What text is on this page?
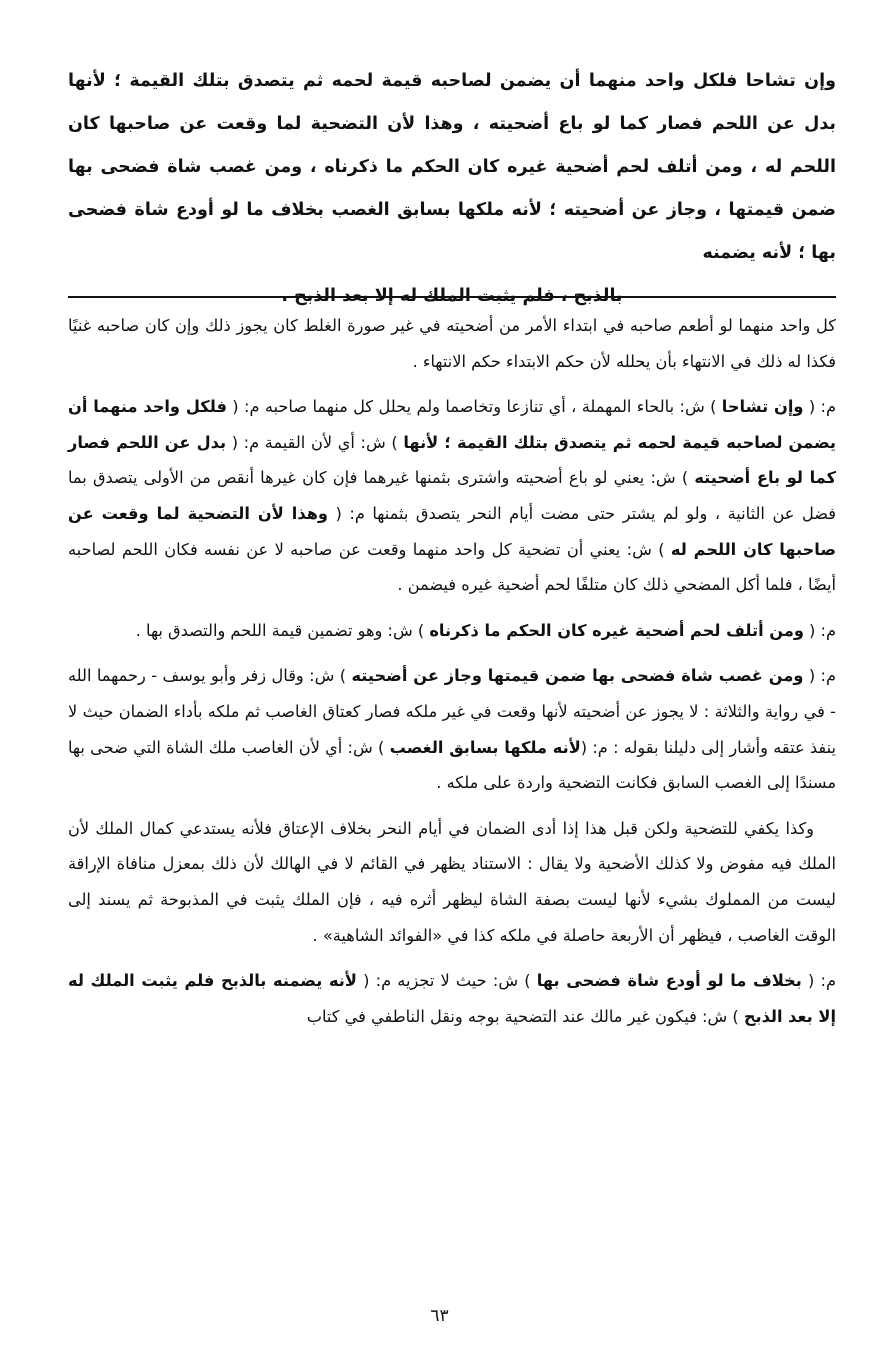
وإن تشاحا فلكل واحد منهما أن يضمن لصاحبه قيمة لحمه ثم يتصدق بتلك القيمة ؛ لأنها بدل عن اللحم فصار كما لو باع أضحيته ، وهذا لأن التضحية لما وقعت عن صاحبها كان اللحم له ، ومن أتلف لحم أضحية غيره كان الحكم ما ذكرناه ، ومن غصب شاة فضحى بها ضمن قيمتها ، وجاز عن أضحيته ؛ لأنه ملكها بسابق الغصب بخلاف ما لو أودع شاة فضحى بها ؛ لأنه يضمنه
بالذبح ، فلم يثبت الملك له إلا بعد الذبح .

كل واحد منهما لو أطعم صاحبه في ابتداء الأمر من أضحيته في غير صورة الغلط كان يجوز ذلك وإن كان صاحبه غنيًا فكذا له ذلك في الانتهاء بأن يحلله لأن حكم الابتداء حكم الانتهاء .

م: ( وإن تشاحا ) ش: بالحاء المهملة ، أي تنازعا وتخاصما ولم يحلل كل منهما صاحبه م: ( فلكل واحد منهما أن يضمن لصاحبه قيمة لحمه ثم يتصدق بتلك القيمة ؛ لأنها ) ش: أي لأن القيمة م: ( بدل عن اللحم فصار كما لو باع أضحيته ) ش: يعني لو باع أضحيته واشترى بثمنها غيرهما فإن كان غيرها أنقص من الأولى يتصدق بما فضل عن الثانية ، ولو لم يشتر حتى مضت أيام النحر يتصدق بثمنها م: ( وهذا لأن التضحية لما وقعت عن صاحبها كان اللحم له ) ش: يعني أن تضحية كل واحد منهما وقعت عن صاحبه لا عن نفسه فكان اللحم لصاحبه أيضًا ، فلما أكل المضحي ذلك كان متلفًا لحم أضحية غيره فيضمن .

م: ( ومن أتلف لحم أضحية غيره كان الحكم ما ذكرناه ) ش: وهو تضمين قيمة اللحم والتصدق بها .

م: ( ومن غصب شاة فضحى بها ضمن قيمتها وجاز عن أضحيته ) ش: وقال زفر وأبو يوسف - رحمهما الله - في رواية والثلاثة : لا يجوز عن أضحيته لأنها وقعت في غير ملكه فصار كعتاق الغاصب ثم ملكه بأداء الضمان حيث لا ينفذ عتقه وأشار إلى دليلنا بقوله : م: (لأنه ملكها بسابق الغصب ) ش: أي لأن الغاصب ملك الشاة التي ضحى بها مسندًا إلى الغصب السابق فكانت التضحية واردة على ملكه .

وكذا يكفي للتضحية ولكن قبل هذا إذا أدى الضمان في أيام النحر بخلاف الإعتاق فلأنه يستدعي كمال الملك لأن الملك فيه مفوض ولا كذلك الأضحية ولا يقال : الاستناد يظهر في القائم لا في الهالك لأن ذلك بمعزل منافاة الإراقة ليست من المملوك بشيء لأنها ليست بصفة الشاة ليظهر أثره فيه ، فإن الملك يثبت في المذبوحة ثم يسند إلى الوقت الغاصب ، فيظهر أن الأربعة حاصلة في ملكه كذا في «الفوائد الشاهية» .

م: ( بخلاف ما لو أودع شاة فضحى بها ) ش: حيث لا تجزيه م: ( لأنه يضمنه بالذبح فلم يثبت الملك له إلا بعد الذبح ) ش: فيكون غير مالك عند التضحية بوجه ونقل الناطفي في كتاب

٦٣
